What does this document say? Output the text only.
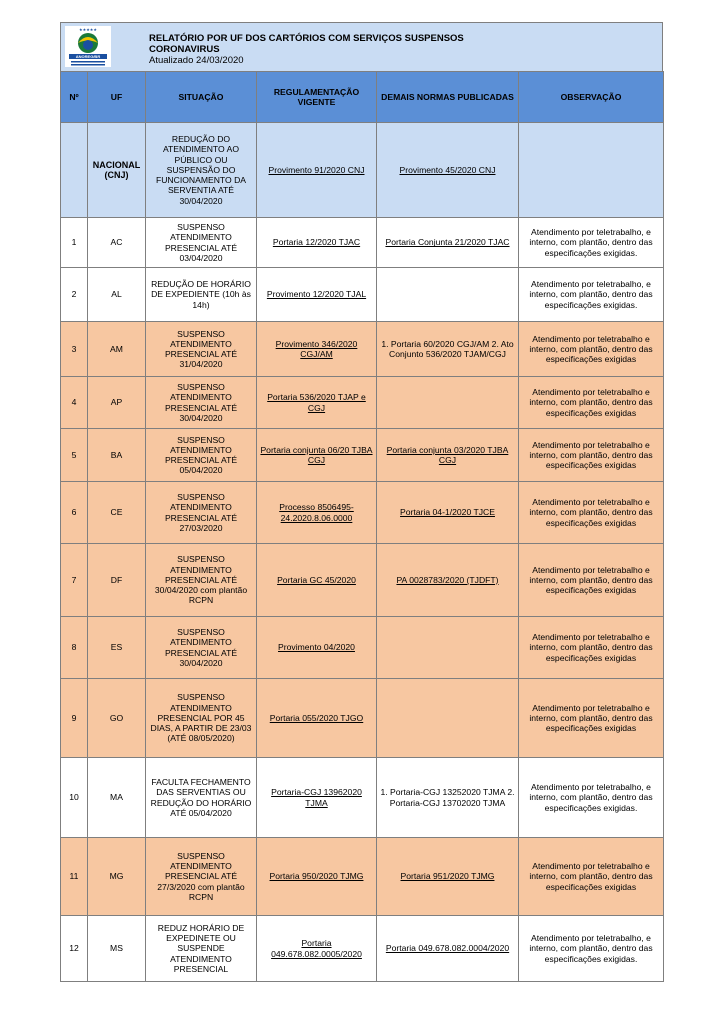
★★★★★
ANOREG/BR
RELATÓRIO POR UF DOS CARTÓRIOS COM SERVIÇOS SUSPENSOS
CORONAVIRUS
Atualizado 24/03/2020
Nº	UF	SITUAÇÃO	REGULAMENTAÇÃO VIGENTE	DEMAIS NORMAS PUBLICADAS	OBSERVAÇÃO
	NACIONAL (CNJ)	REDUÇÃO DO ATENDIMENTO AO PÚBLICO OU SUSPENSÃO DO FUNCIONAMENTO DA SERVENTIA ATÉ 30/04/2020	Provimento 91/2020 CNJ	Provimento 45/2020 CNJ	
1	AC	SUSPENSO ATENDIMENTO PRESENCIAL ATÉ 03/04/2020	Portaria 12/2020 TJAC	Portaria Conjunta 21/2020 TJAC	Atendimento por teletrabalho, e interno, com plantão, dentro das especificações exigidas.
2	AL	REDUÇÃO DE HORÁRIO DE EXPEDIENTE (10h às 14h)	Provimento 12/2020 TJAL		Atendimento por teletrabalho, e interno, com plantão, dentro das especificações exigidas.
3	AM	SUSPENSO ATENDIMENTO PRESENCIAL ATÉ 31/04/2020	Provimento 346/2020 CGJ/AM	1. Portaria 60/2020 CGJ/AM 2. Ato Conjunto 536/2020 TJAM/CGJ	Atendimento por teletrabalho e interno, com plantão, dentro das especificações exigidas
4	AP	SUSPENSO ATENDIMENTO PRESENCIAL ATÉ 30/04/2020	Portaria 536/2020 TJAP e CGJ		Atendimento por teletrabalho e interno, com plantão, dentro das especificações exigidas
5	BA	SUSPENSO ATENDIMENTO PRESENCIAL ATÉ 05/04/2020	Portaria conjunta 06/20 TJBA CGJ	Portaria conjunta 03/2020 TJBA CGJ	Atendimento por teletrabalho e interno, com plantão, dentro das especificações exigidas
6	CE	SUSPENSO ATENDIMENTO PRESENCIAL ATÉ 27/03/2020	Processo 8506495-24.2020.8.06.0000	Portaria 04-1/2020 TJCE	Atendimento por teletrabalho e interno, com plantão, dentro das especificações exigidas
7	DF	SUSPENSO ATENDIMENTO PRESENCIAL ATÉ 30/04/2020 com plantão RCPN	Portaria GC 45/2020	PA 0028783/2020 (TJDFT)	Atendimento por teletrabalho e interno, com plantão, dentro das especificações exigidas
8	ES	SUSPENSO ATENDIMENTO PRESENCIAL ATÉ 30/04/2020	Provimento 04/2020		Atendimento por teletrabalho e interno, com plantão, dentro das especificações exigidas
9	GO	SUSPENSO ATENDIMENTO PRESENCIAL POR 45 DIAS, A PARTIR DE 23/03 (ATÉ 08/05/2020)	Portaria 055/2020 TJGO		Atendimento por teletrabalho e interno, com plantão, dentro das especificações exigidas
10	MA	FACULTA FECHAMENTO DAS SERVENTIAS OU REDUÇÃO DO HORÁRIO ATÉ 05/04/2020	Portaria-CGJ 13962020 TJMA	1. Portaria-CGJ 13252020 TJMA 2. Portaria-CGJ 13702020 TJMA	Atendimento por teletrabalho, e interno, com plantão, dentro das especificações exigidas.
11	MG	SUSPENSO ATENDIMENTO PRESENCIAL ATÉ 27/3/2020 com plantão RCPN	Portaria 950/2020 TJMG	Portaria 951/2020 TJMG	Atendimento por teletrabalho e interno, com plantão, dentro das especificações exigidas
12	MS	REDUZ HORÁRIO DE EXPEDINETE OU SUSPENDE ATENDIMENTO PRESENCIAL	Portaria 049.678.082.0005/2020	Portaria 049.678.082.0004/2020	Atendimento por teletrabalho, e interno, com plantão, dentro das especificações exigidas.
